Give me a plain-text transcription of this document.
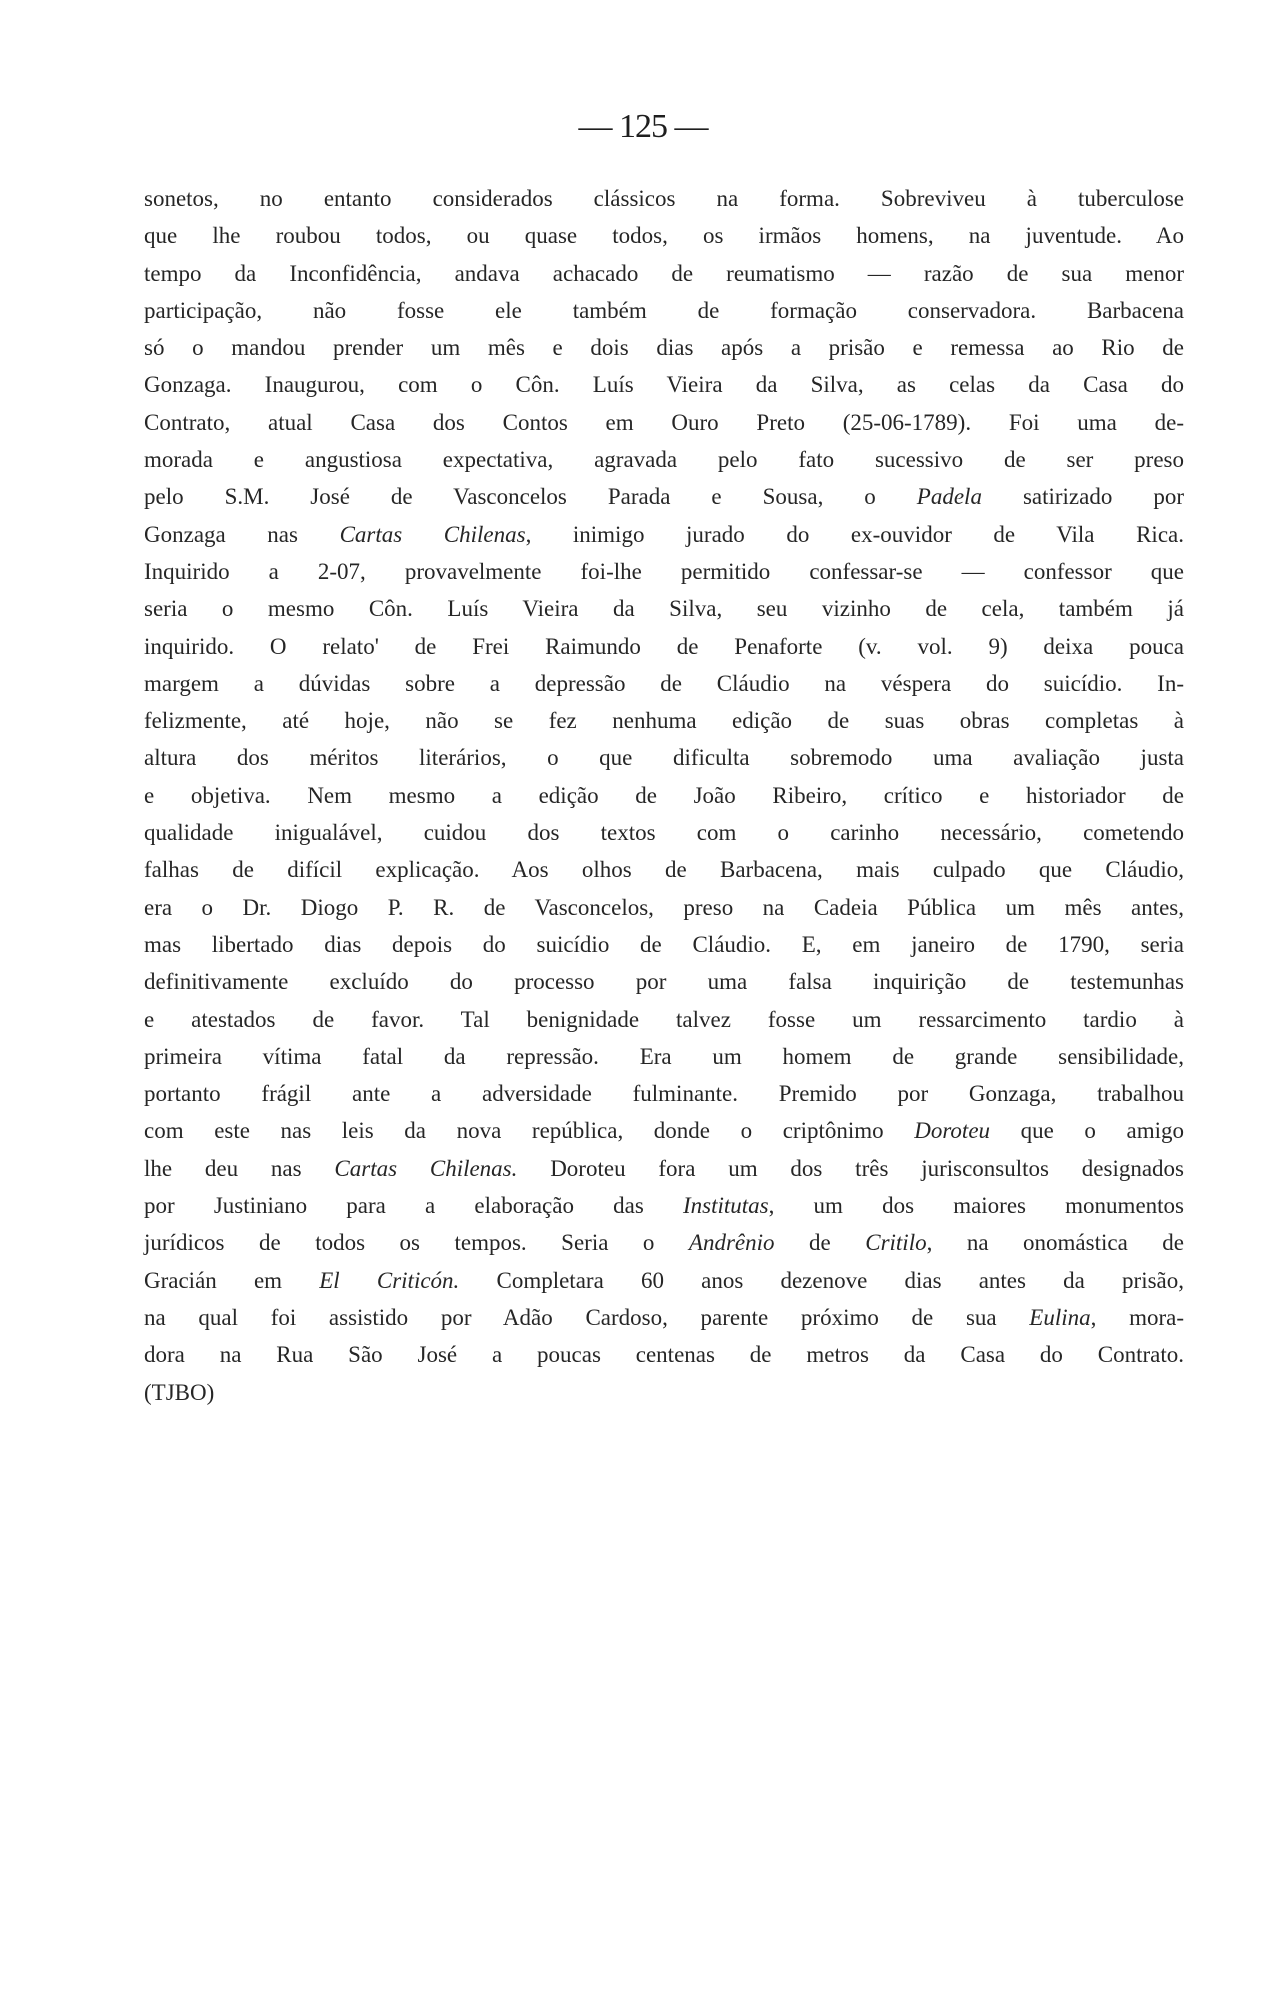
— 125 —
sonetos, no entanto considerados clássicos na forma. Sobreviveu à tuberculose
que lhe roubou todos, ou quase todos, os irmãos homens, na juventude. Ao
tempo da Inconfidência, andava achacado de reumatismo — razão de sua menor
participação, não fosse ele também de formação conservadora. Barbacena
só o mandou prender um mês e dois dias após a prisão e remessa ao Rio de
Gonzaga. Inaugurou, com o Côn. Luís Vieira da Silva, as celas da Casa do
Contrato, atual Casa dos Contos em Ouro Preto (25-06-1789). Foi uma de-
morada e angustiosa expectativa, agravada pelo fato sucessivo de ser preso
pelo S.M. José de Vasconcelos Parada e Sousa, o Padela satirizado por
Gonzaga nas Cartas Chilenas, inimigo jurado do ex-ouvidor de Vila Rica.
Inquirido a 2-07, provavelmente foi-lhe permitido confessar-se — confessor que
seria o mesmo Côn. Luís Vieira da Silva, seu vizinho de cela, também já
inquirido. O relato' de Frei Raimundo de Penaforte (v. vol. 9) deixa pouca
margem a dúvidas sobre a depressão de Cláudio na véspera do suicídio. In-
felizmente, até hoje, não se fez nenhuma edição de suas obras completas à
altura dos méritos literários, o que dificulta sobremodo uma avaliação justa
e objetiva. Nem mesmo a edição de João Ribeiro, crítico e historiador de
qualidade inigualável, cuidou dos textos com o carinho necessário, cometendo
falhas de difícil explicação. Aos olhos de Barbacena, mais culpado que Cláudio,
era o Dr. Diogo P. R. de Vasconcelos, preso na Cadeia Pública um mês antes,
mas libertado dias depois do suicídio de Cláudio. E, em janeiro de 1790, seria
definitivamente excluído do processo por uma falsa inquirição de testemunhas
e atestados de favor. Tal benignidade talvez fosse um ressarcimento tardio à
primeira vítima fatal da repressão. Era um homem de grande sensibilidade,
portanto frágil ante a adversidade fulminante. Premido por Gonzaga, trabalhou
com este nas leis da nova república, donde o criptônimo Doroteu que o amigo
lhe deu nas Cartas Chilenas. Doroteu fora um dos três jurisconsultos designados
por Justiniano para a elaboração das Institutas, um dos maiores monumentos
jurídicos de todos os tempos. Seria o Andrênio de Critilo, na onomástica de
Gracián em El Criticón. Completara 60 anos dezenove dias antes da prisão,
na qual foi assistido por Adão Cardoso, parente próximo de sua Eulina, mora-
dora na Rua São José a poucas centenas de metros da Casa do Contrato.
(TJBO)
